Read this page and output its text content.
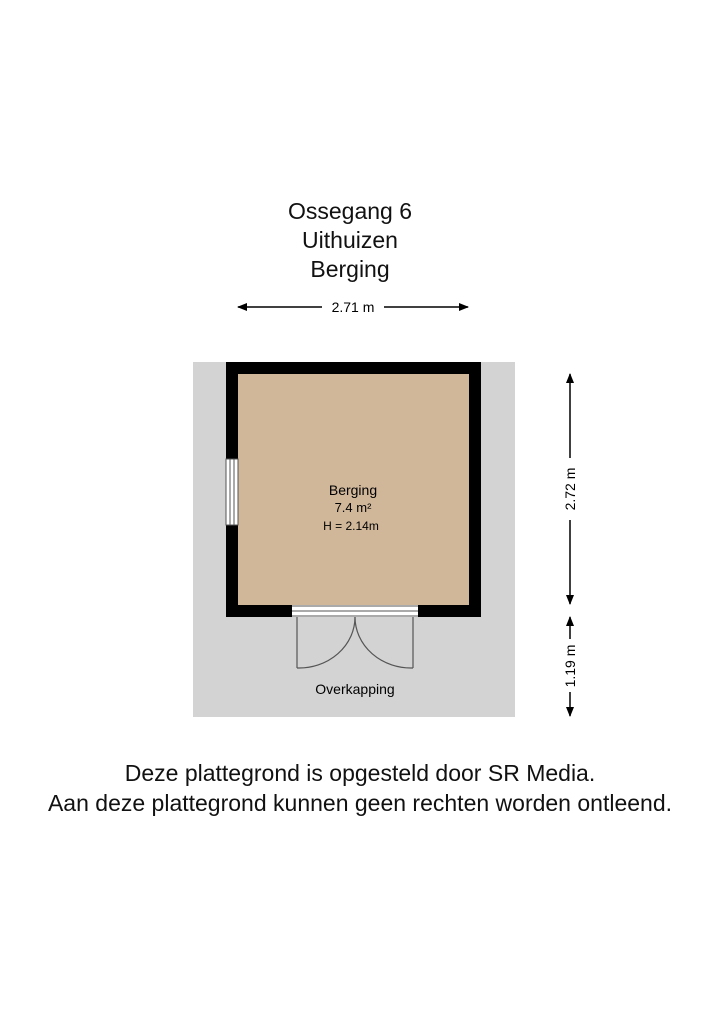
Ossegang 6
Uithuizen
Berging
2.71 m
Berging
7.4 m²
H = 2.14m
Overkapping
2.72 m
1.19 m
Deze plattegrond is opgesteld door SR Media.
Aan deze plattegrond kunnen geen rechten worden ontleend.
